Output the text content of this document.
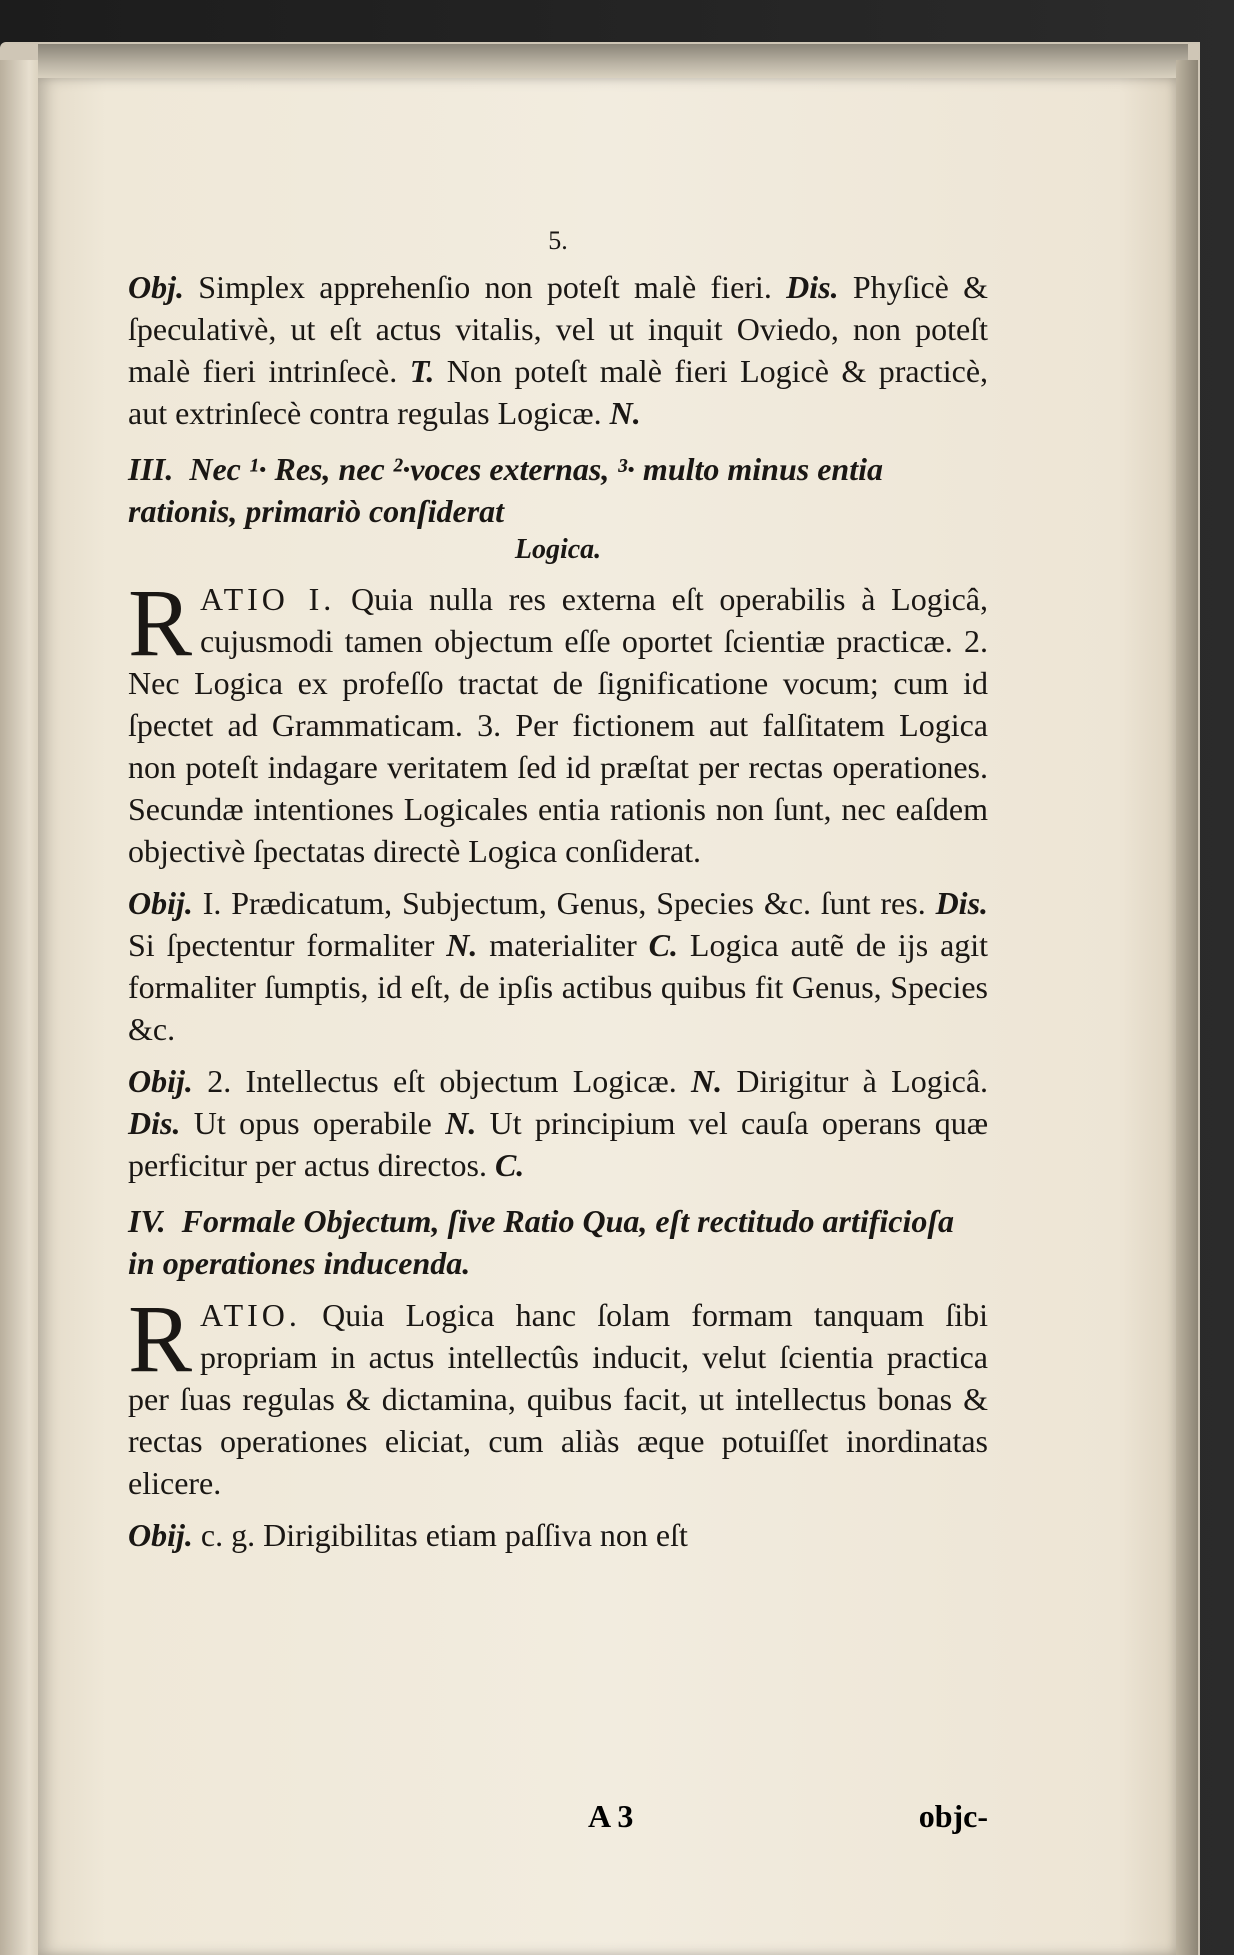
5.

Obj. Simplex apprehenſio non poteſt malè fieri. Dis. Phyſicè & ſpeculativè, ut eſt actus vitalis, vel ut inquit Oviedo, non poteſt malè fieri intrinſecè. T. Non poteſt malè fieri Logicè & practicè, aut extrinſecè contra regulas Logicæ. N.

III. Nec ¹· Res, nec ²·voces externas, ³· multo minus entia rationis, primariò conſiderat
Logica.

R ATIO I. Quia nulla res externa eſt operabilis à Logicâ, cujusmodi tamen objectum eſſe oportet ſcientiæ practicæ. 2. Nec Logica ex profeſſo tractat de ſignificatione vocum; cum id ſpectet ad Grammaticam. 3. Per fictionem aut falſitatem Logica non poteſt indagare veritatem ſed id præſtat per rectas operationes. Secundæ intentiones Logicales entia rationis non ſunt, nec eaſdem objectivè ſpectatas directè Logica conſiderat.

Obij. I. Prædicatum, Subjectum, Genus, Species &c. ſunt res. Dis. Si ſpectentur formaliter N. materialiter C. Logica autẽ de ijs agit formaliter ſumptis, id eſt, de ipſis actibus quibus fit Genus, Species &c.

Obij. 2. Intellectus eſt objectum Logicæ. N. Dirigitur à Logicâ. Dis. Ut opus operabile N. Ut principium vel cauſa operans quæ perficitur per actus directos. C.

IV. Formale Objectum, ſive Ratio Qua, eſt rectitudo artificioſa in operationes inducenda.

R ATIO. Quia Logica hanc ſolam formam tanquam ſibi propriam in actus intellectûs inducit, velut ſcientia practica per ſuas regulas & dictamina, quibus facit, ut intellectus bonas & rectas operationes eliciat, cum aliàs æque potuiſſet inordinatas elicere.

Obij. c. g. Dirigibilitas etiam paſſiva non eſt

A 3	objc-
